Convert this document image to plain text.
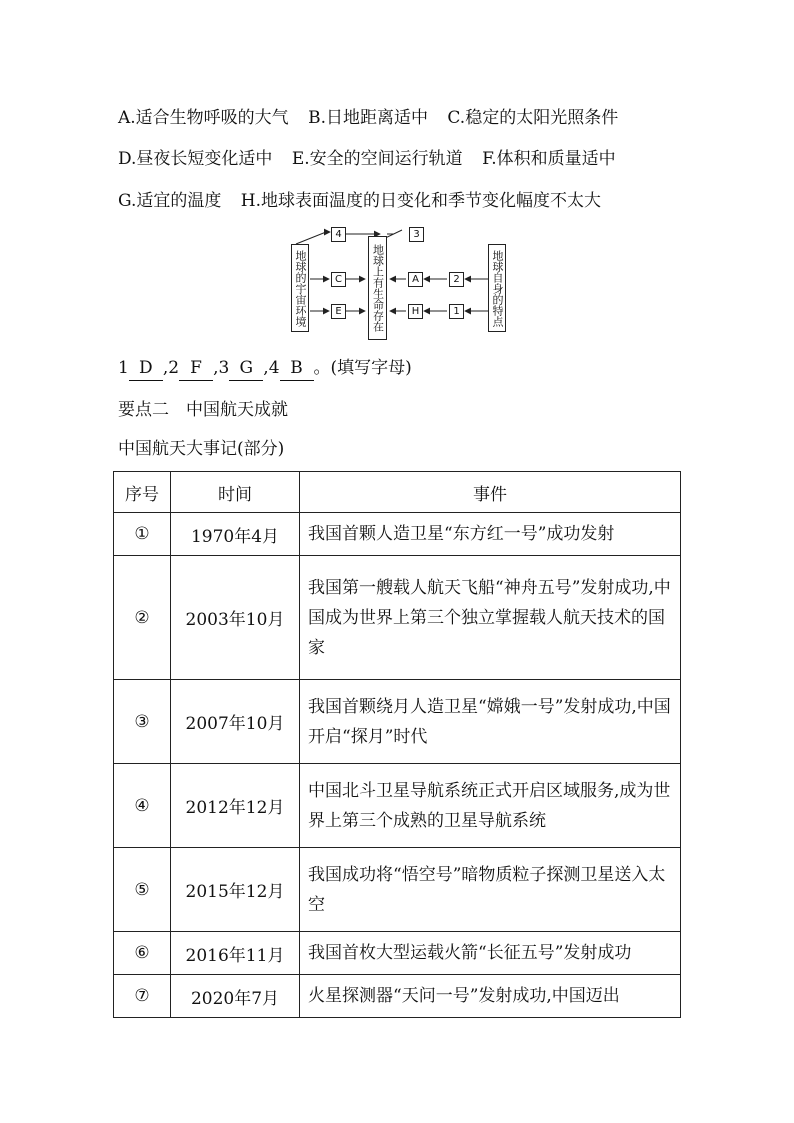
A.适合生物呼吸的大气 B.日地距离适中 C.稳定的太阳光照条件
D.昼夜长短变化适中 E.安全的空间运行轨道 F.体积和质量适中
G.适宜的温度 H.地球表面温度的日变化和季节变化幅度不太大
地球的宇宙环境	地球上有生命存在	地球自身的特点
4	3
C	A	2
E	H	1
1 D ,2 F ,3 G ,4 B 。(填写字母)
要点二　中国航天成就
中国航天大事记(部分)
序号	时间	事件
①	1970年4月	我国首颗人造卫星“东方红一号”成功发射
②	2003年10月	我国第一艘载人航天飞船“神舟五号”发射成功,中国成为世界上第三个独立掌握载人航天技术的国家
③	2007年10月	我国首颗绕月人造卫星“嫦娥一号”发射成功,中国开启“探月”时代
④	2012年12月	中国北斗卫星导航系统正式开启区域服务,成为世界上第三个成熟的卫星导航系统
⑤	2015年12月	我国成功将“悟空号”暗物质粒子探测卫星送入太空
⑥	2016年11月	我国首枚大型运载火箭“长征五号”发射成功
⑦	2020年7月	火星探测器“天问一号”发射成功,中国迈出
